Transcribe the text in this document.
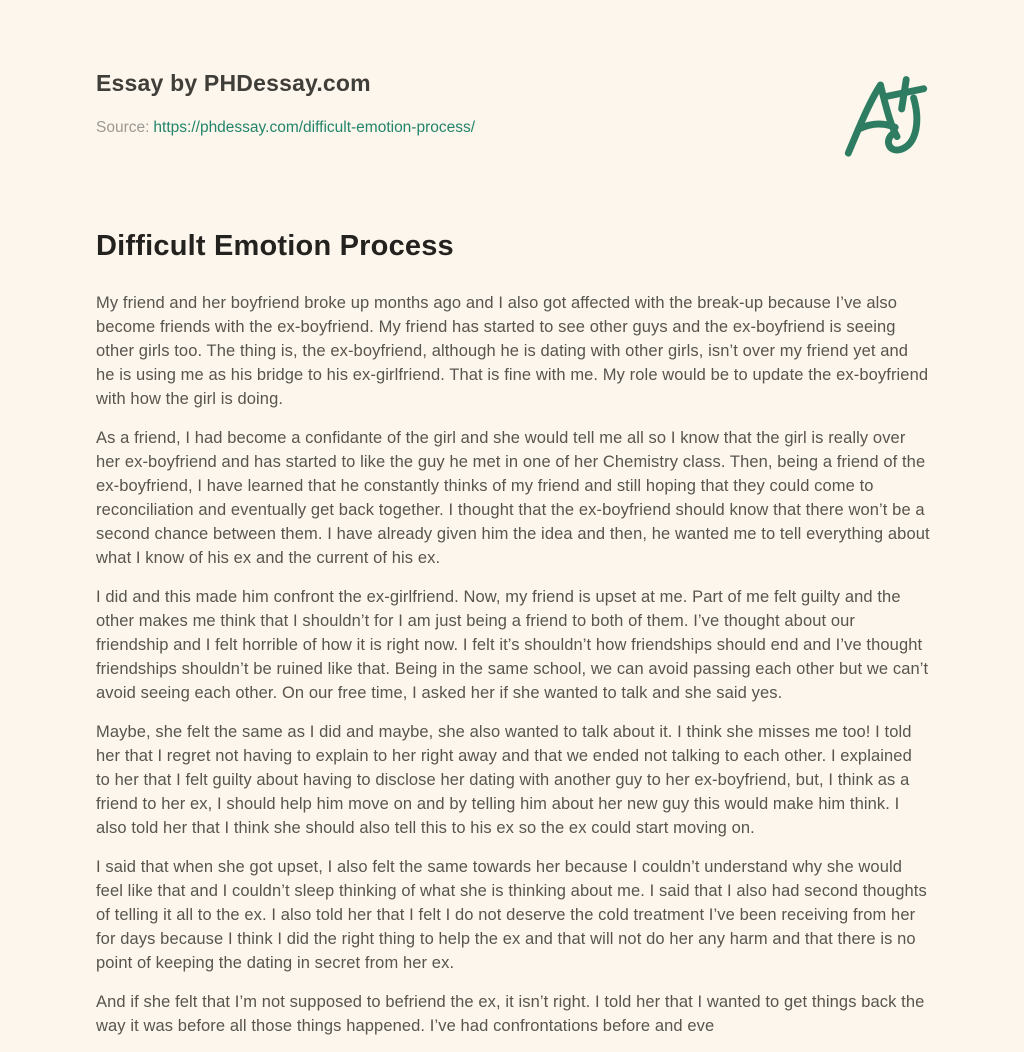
Essay by PHDessay.com
Source: https://phdessay.com/difficult-emotion-process/
Difficult Emotion Process

My friend and her boyfriend broke up months ago and I also got affected with the break-up because I’ve also become friends with the ex-boyfriend. My friend has started to see other guys and the ex-boyfriend is seeing other girls too. The thing is, the ex-boyfriend, although he is dating with other girls, isn’t over my friend yet and he is using me as his bridge to his ex-girlfriend. That is fine with me. My role would be to update the ex-boyfriend with how the girl is doing.

As a friend, I had become a confidante of the girl and she would tell me all so I know that the girl is really over her ex-boyfriend and has started to like the guy he met in one of her Chemistry class. Then, being a friend of the ex-boyfriend, I have learned that he constantly thinks of my friend and still hoping that they could come to reconciliation and eventually get back together. I thought that the ex-boyfriend should know that there won’t be a second chance between them. I have already given him the idea and then, he wanted me to tell everything about what I know of his ex and the current of his ex.

I did and this made him confront the ex-girlfriend. Now, my friend is upset at me. Part of me felt guilty and the other makes me think that I shouldn’t for I am just being a friend to both of them. I’ve thought about our friendship and I felt horrible of how it is right now. I felt it’s shouldn’t how friendships should end and I’ve thought friendships shouldn’t be ruined like that. Being in the same school, we can avoid passing each other but we can’t avoid seeing each other. On our free time, I asked her if she wanted to talk and she said yes.

Maybe, she felt the same as I did and maybe, she also wanted to talk about it. I think she misses me too! I told her that I regret not having to explain to her right away and that we ended not talking to each other. I explained to her that I felt guilty about having to disclose her dating with another guy to her ex-boyfriend, but, I think as a friend to her ex, I should help him move on and by telling him about her new guy this would make him think. I also told her that I think she should also tell this to his ex so the ex could start moving on.

I said that when she got upset, I also felt the same towards her because I couldn’t understand why she would feel like that and I couldn’t sleep thinking of what she is thinking about me. I said that I also had second thoughts of telling it all to the ex. I also told her that I felt I do not deserve the cold treatment I’ve been receiving from her for days because I think I did the right thing to help the ex and that will not do her any harm and that there is no point of keeping the dating in secret from her ex.

And if she felt that I’m not supposed to befriend the ex, it isn’t right. I told her that I wanted to get things back the way it was before all those things happened. I’ve had confrontations before and eve
